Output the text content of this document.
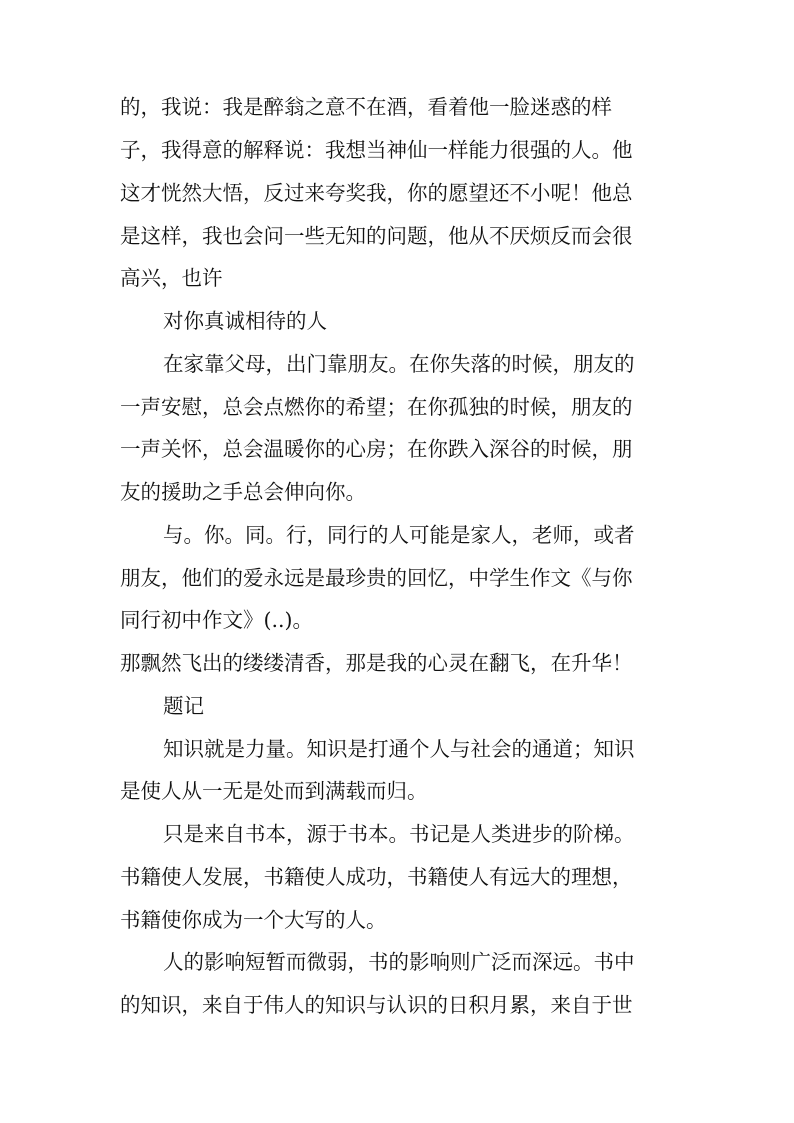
的，我说：我是醉翁之意不在酒，看着他一脸迷惑的样
子，我得意的解释说：我想当神仙一样能力很强的人。他
这才恍然大悟，反过来夸奖我，你的愿望还不小呢！他总
是这样，我也会问一些无知的问题，他从不厌烦反而会很
高兴，也许
对你真诚相待的人
在家靠父母，出门靠朋友。在你失落的时候，朋友的
一声安慰，总会点燃你的希望；在你孤独的时候，朋友的
一声关怀，总会温暖你的心房；在你跌入深谷的时候，朋
友的援助之手总会伸向你。
与。你。同。行，同行的人可能是家人，老师，或者
朋友，他们的爱永远是最珍贵的回忆，中学生作文《与你
同行初中作文》(..)。
那飘然飞出的缕缕清香，那是我的心灵在翻飞，在升华！
题记
知识就是力量。知识是打通个人与社会的通道；知识
是使人从一无是处而到满载而归。
只是来自书本，源于书本。书记是人类进步的阶梯。
书籍使人发展，书籍使人成功，书籍使人有远大的理想，
书籍使你成为一个大写的人。
人的影响短暂而微弱，书的影响则广泛而深远。书中
的知识，来自于伟人的知识与认识的日积月累，来自于世
